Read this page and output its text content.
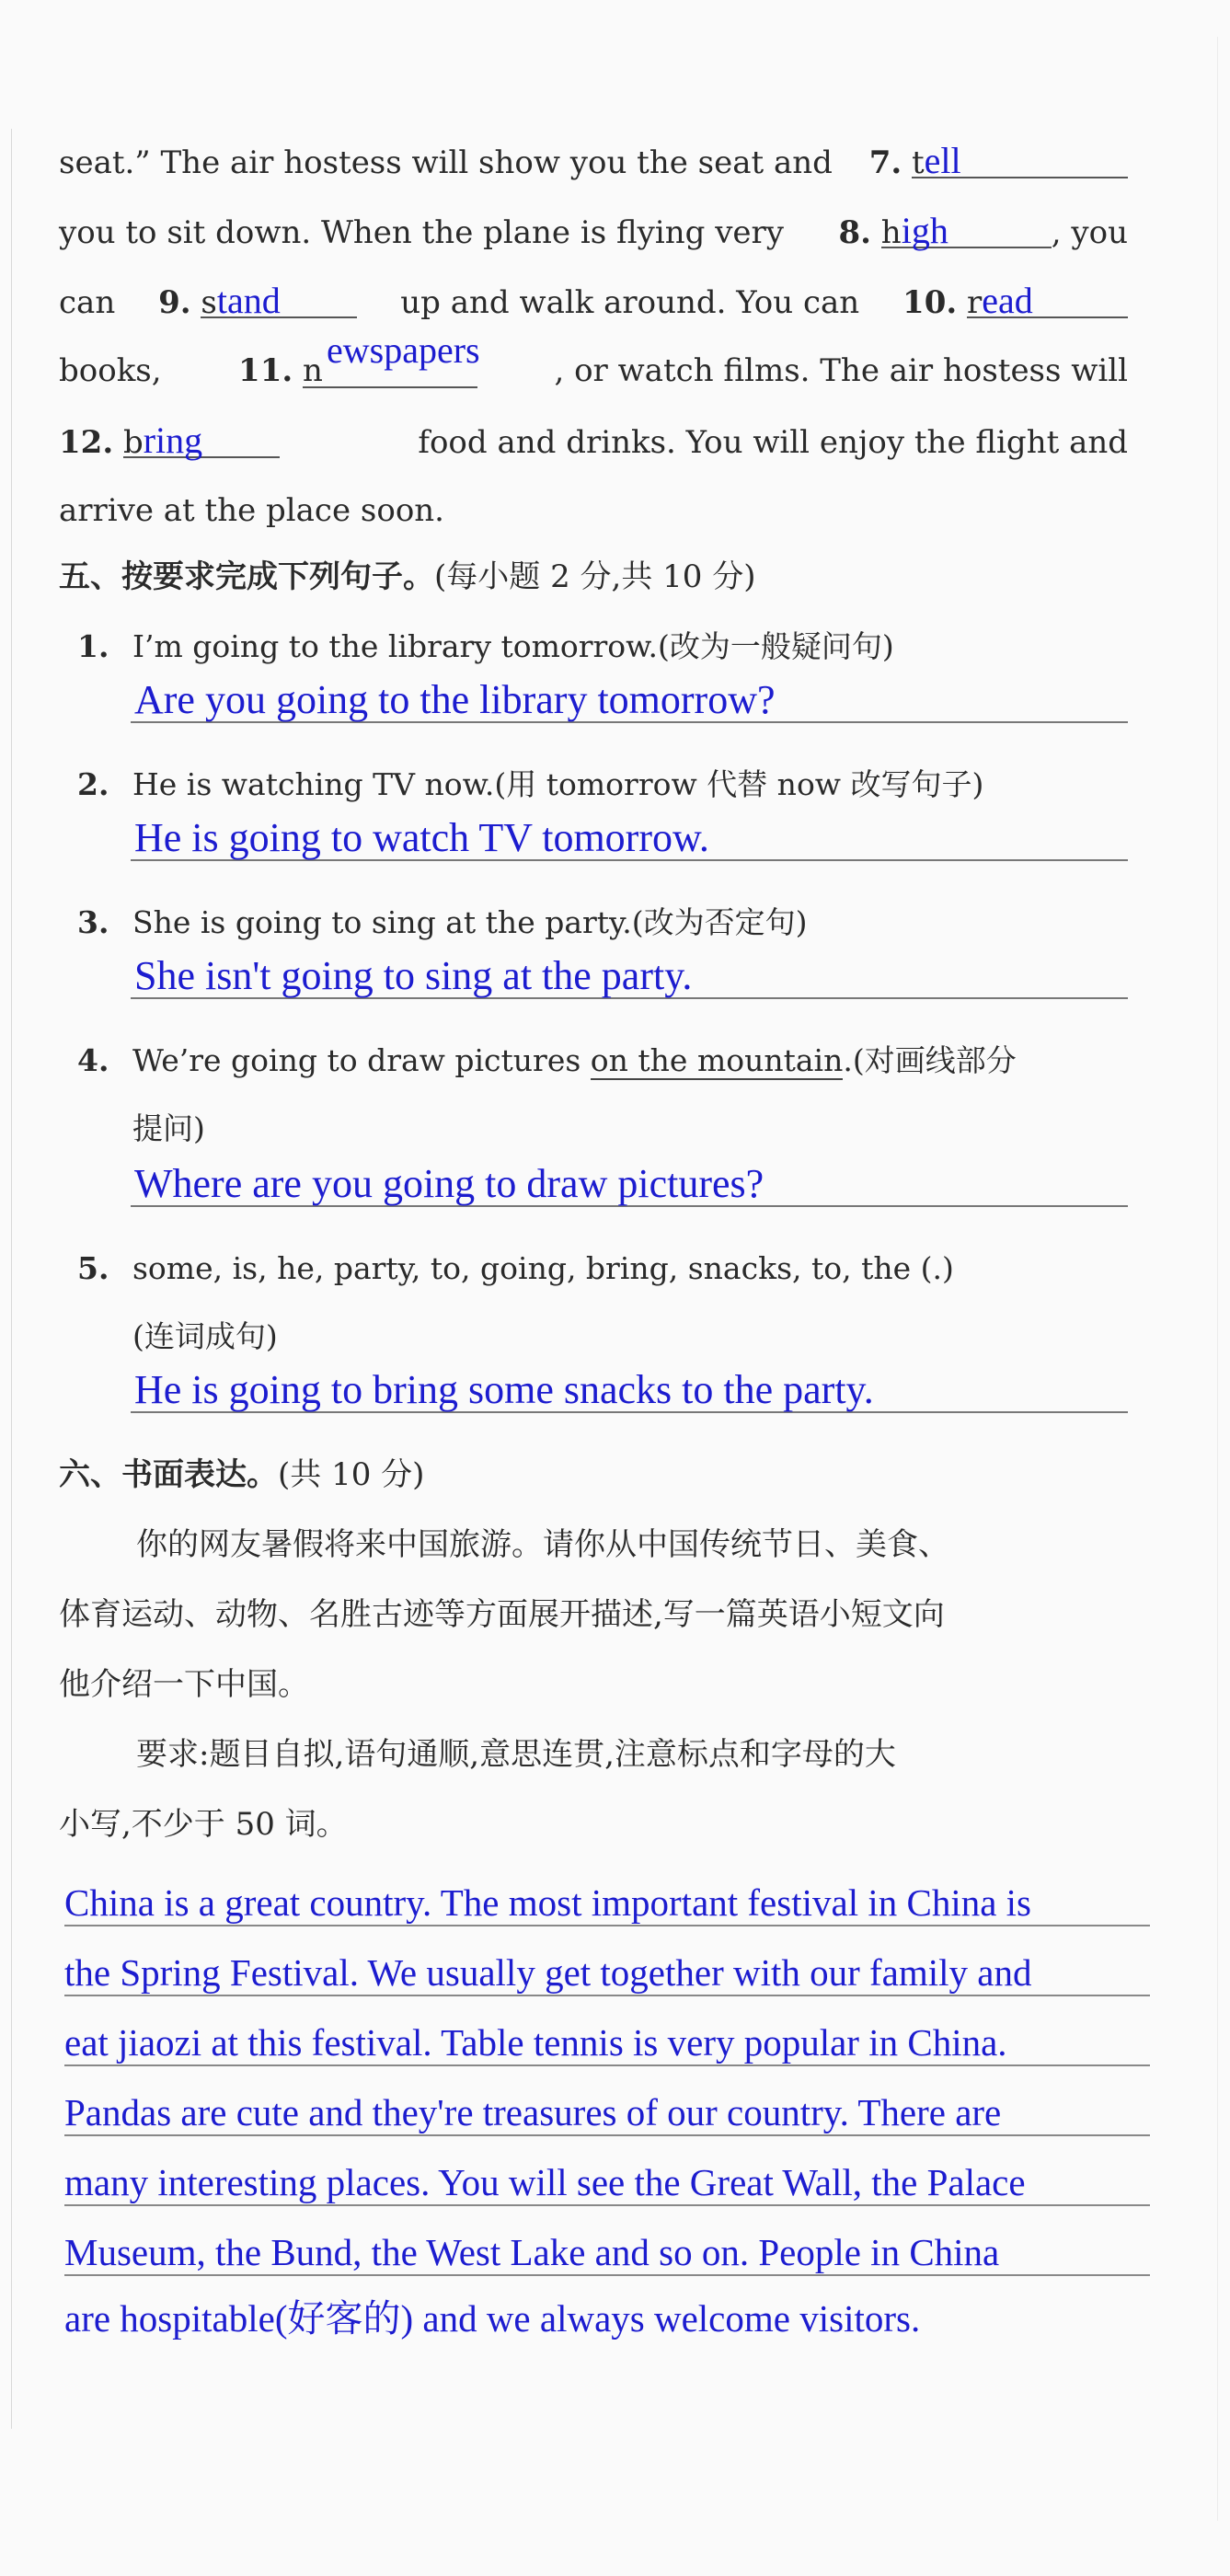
seat.” The air hostess will show you the seat and 7. tell
you to sit down. When the plane is flying very 8. high	, you
can 9. stand	up and walk around. You can 10. read
books, 11. n ewspapers , or watch films. The air hostess will
12. bring	food and drinks. You will enjoy the flight and
arrive at the place soon.
五、按要求完成下列句子。(每小题 2 分,共 10 分)
1. I’m going to the library tomorrow.(改为一般疑问句)
Are you going to the library tomorrow?
2. He is watching TV now.(用 tomorrow 代替 now 改写句子)
He is going to watch TV tomorrow.
3. She is going to sing at the party.(改为否定句)
She isn't going to sing at the party.
4. We’re going to draw pictures on the mountain.(对画线部分
提问)
Where are you going to draw pictures?
5. some, is, he, party, to, going, bring, snacks, to, the (.)
(连词成句)
He is going to bring some snacks to the party.
六、书面表达。(共 10 分)
你的网友暑假将来中国旅游。请你从中国传统节日、美食、
体育运动、动物、名胜古迹等方面展开描述,写一篇英语小短文向
他介绍一下中国。
要求:题目自拟,语句通顺,意思连贯,注意标点和字母的大
小写,不少于 50 词。
China is a great country. The most important festival in China is
the Spring Festival. We usually get together with our family and
eat jiaozi at this festival. Table tennis is very popular in China.
Pandas are cute and they're treasures of our country. There are
many interesting places. You will see the Great Wall, the Palace
Museum, the Bund, the West Lake and so on. People in China
are hospitable(好客的) and we always welcome visitors.
